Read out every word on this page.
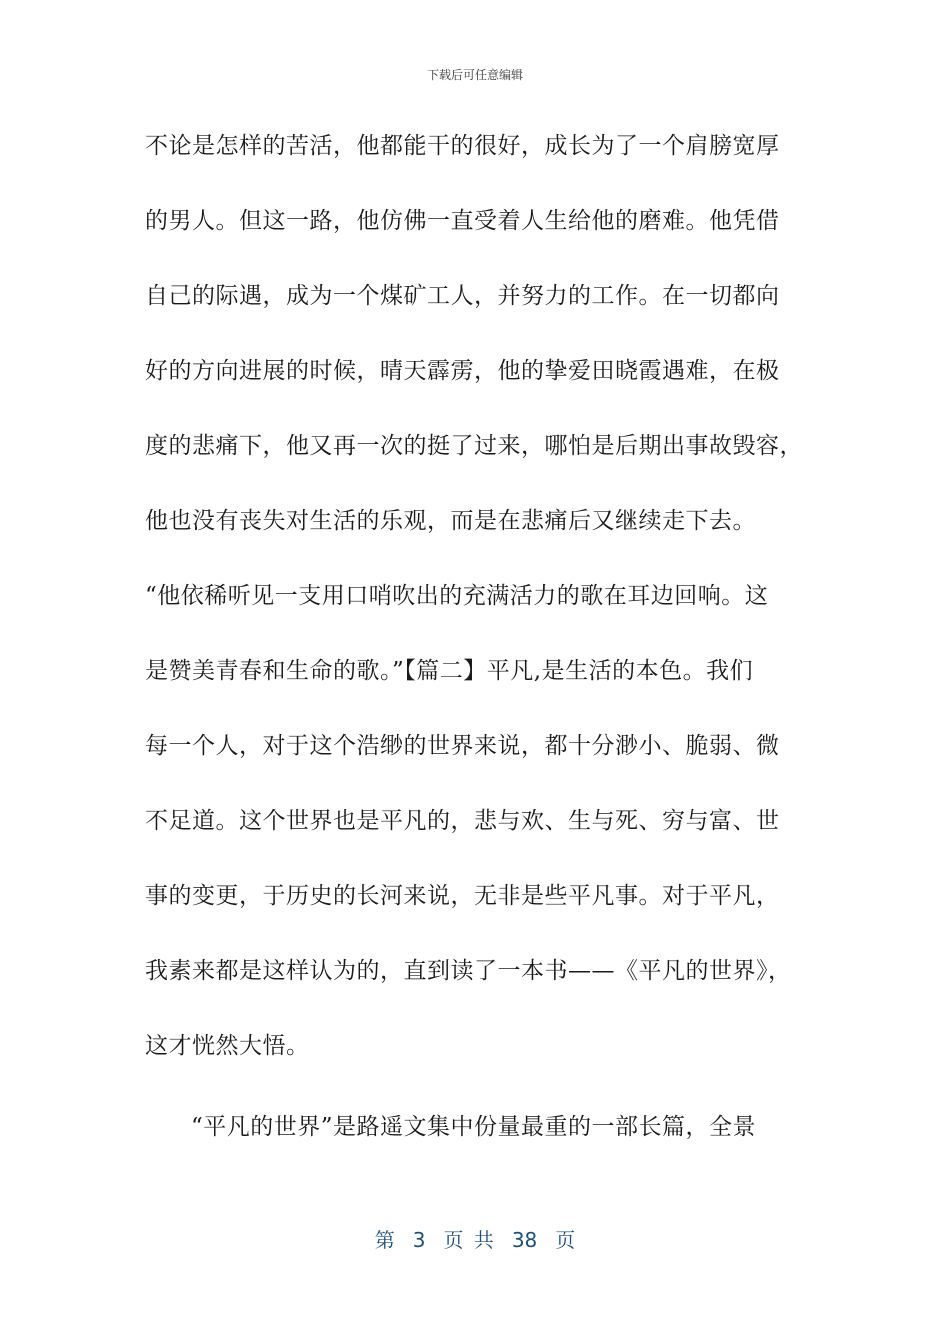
下载后可任意编辑
不论是怎样的苦活，他都能干的很好，成长为了一个肩膀宽厚
的男人。但这一路，他仿佛一直受着人生给他的磨难。他凭借
自己的际遇，成为一个煤矿工人，并努力的工作。在一切都向
好的方向进展的时候，晴天霹雳，他的挚爱田晓霞遇难，在极
度的悲痛下，他又再一次的挺了过来，哪怕是后期出事故毁容，
他也没有丧失对生活的乐观，而是在悲痛后又继续走下去。
“他依稀听见一支用口哨吹出的充满活力的歌在耳边回响。这
是赞美青春和生命的歌。”【篇二】平凡,是生活的本色。我们
每一个人，对于这个浩缈的世界来说，都十分渺小、脆弱、微
不足道。这个世界也是平凡的，悲与欢、生与死、穷与富、世
事的变更，于历史的长河来说，无非是些平凡事。对于平凡，
我素来都是这样认为的，直到读了一本书——《平凡的世界》，
这才恍然大悟。
“平凡的世界”是路遥文集中份量最重的一部长篇，全景
第 3 页 共 38 页
